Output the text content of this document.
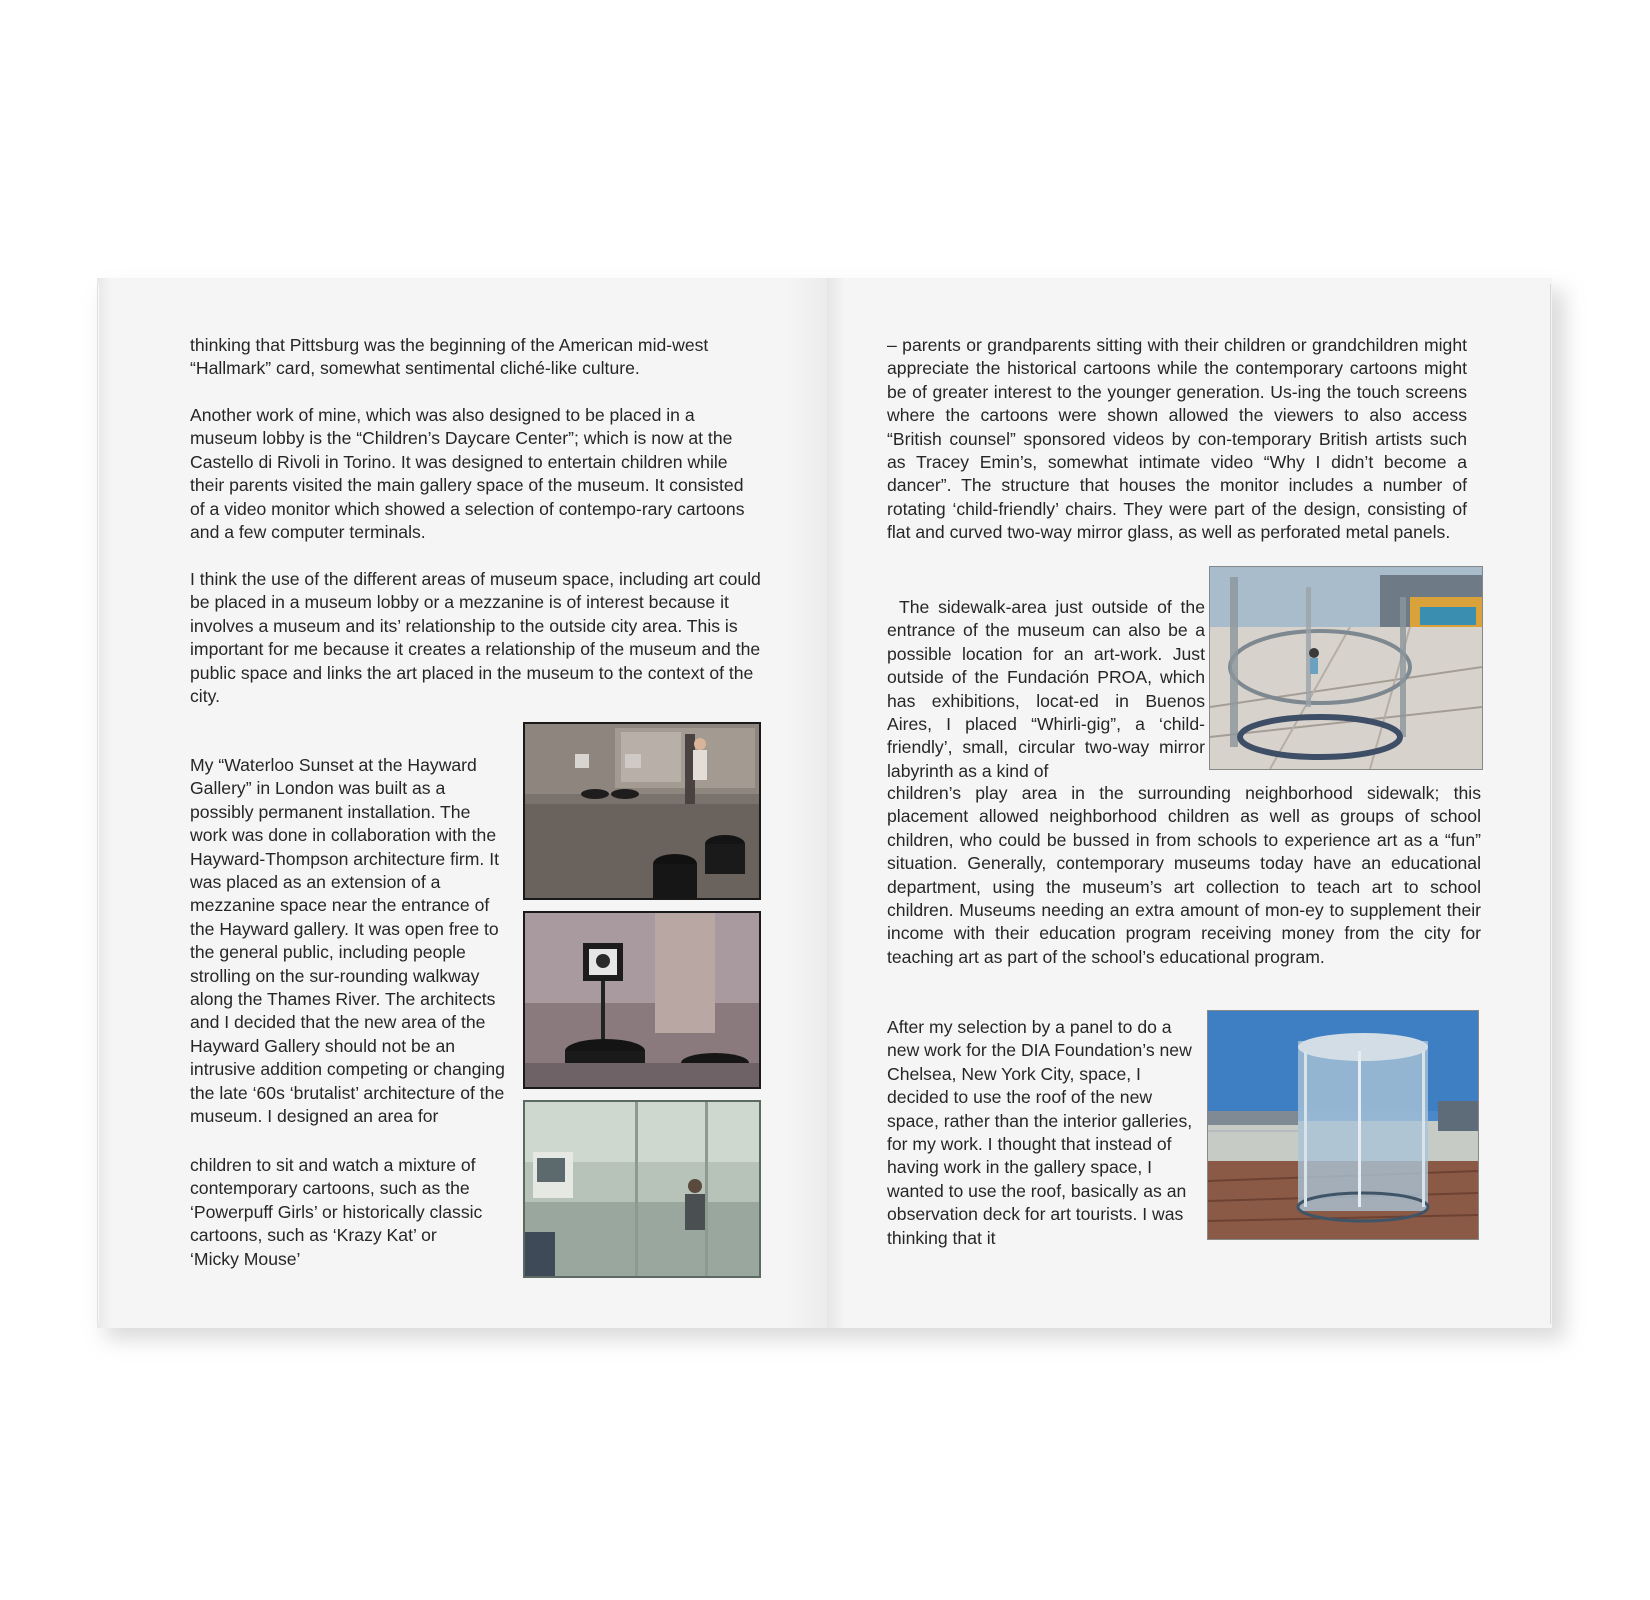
thinking that Pittsburg was the beginning of the American mid-west “Hallmark” card, somewhat sentimental cliché-like culture.

Another work of mine, which was also designed to be placed in a museum lobby is the “Children’s Daycare Center”; which is now at the Castello di Rivoli in Torino. It was designed to entertain children while their parents visited the main gallery space of the museum. It consisted of a video monitor which showed a selection of contempo-rary cartoons and a few computer terminals.

I think the use of the different areas of museum space, including art could be placed in a museum lobby or a mezzanine is of interest because it involves a museum and its’ relationship to the outside city area. This is important for me because it creates a relationship of the museum and the public space and links the art placed in the museum to the context of the city.

My “Waterloo Sunset at the Hayward Gallery” in London was built as a possibly permanent installation. The work was done in collaboration with the Hayward-Thompson architecture firm. It was placed as an extension of a mezzanine space near the entrance of the Hayward gallery. It was open free to the general public, including people strolling on the sur-rounding walkway along the Thames River. The architects and I decided that the new area of the Hayward Gallery should not be an intrusive addition competing or changing the late ‘60s ‘brutalist’ architecture of the museum. I designed an area for

children to sit and watch a mixture of contemporary cartoons, such as the ‘Powerpuff Girls’ or historically classic cartoons, such as ‘Krazy Kat’ or ‘Micky Mouse’

– parents or grandparents sitting with their children or grandchildren might appreciate the historical cartoons while the contemporary cartoons might be of greater interest to the younger generation. Us-ing the touch screens where the cartoons were shown allowed the viewers to also access “British counsel” sponsored videos by con-temporary British artists such as Tracey Emin’s, somewhat intimate video “Why I didn’t become a dancer”. The structure that houses the monitor includes a number of rotating ‘child-friendly’ chairs. They were part of the design, consisting of flat and curved two-way mirror glass, as well as perforated metal panels.

The sidewalk-area just outside of the entrance of the museum can also be a possible location for an art-work. Just outside of the Fundación PROA, which has exhibitions, locat-ed in Buenos Aires, I placed “Whirli-gig”, a ‘child-friendly’, small, circular two-way mirror labyrinth as a kind of

children’s play area in the surrounding neighborhood sidewalk; this placement allowed neighborhood children as well as groups of school children, who could be bussed in from schools to experience art as a “fun” situation. Generally, contemporary museums today have an educational department, using the museum’s art collection to teach art to school children. Museums needing an extra amount of mon-ey to supplement their income with their education program receiving money from the city for teaching art as part of the school’s educational program.

After my selection by a panel to do a new work for the DIA Foundation’s new Chelsea, New York City, space, I decided to use the roof of the new space, rather than the interior galleries, for my work. I thought that instead of having work in the gallery space, I wanted to use the roof, basically as an observation deck for art tourists. I was thinking that it
